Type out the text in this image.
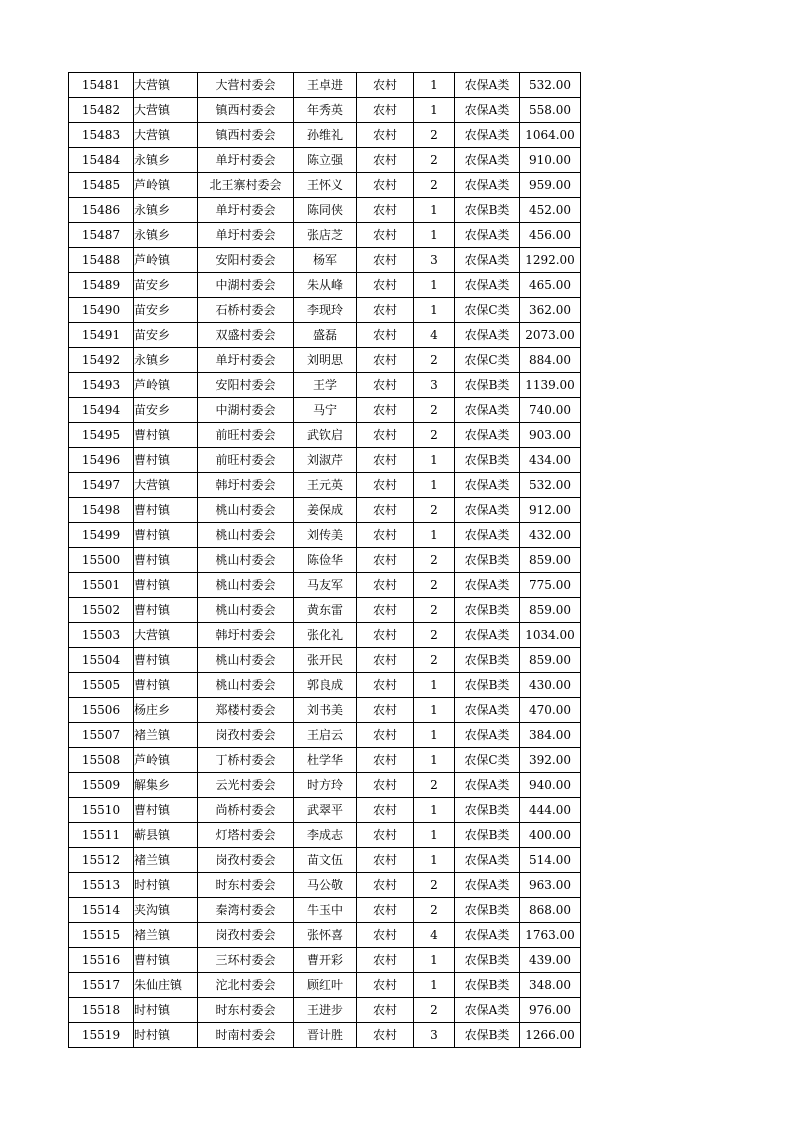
15481	大营镇	大营村委会	王卓进	农村	1	农保A类	532.00
15482	大营镇	镇西村委会	年秀英	农村	1	农保A类	558.00
15483	大营镇	镇西村委会	孙维礼	农村	2	农保A类	1064.00
15484	永镇乡	单圩村委会	陈立强	农村	2	农保A类	910.00
15485	芦岭镇	北王寨村委会	王怀义	农村	2	农保A类	959.00
15486	永镇乡	单圩村委会	陈同侠	农村	1	农保B类	452.00
15487	永镇乡	单圩村委会	张店芝	农村	1	农保A类	456.00
15488	芦岭镇	安阳村委会	杨军	农村	3	农保A类	1292.00
15489	苗安乡	中湖村委会	朱从峰	农村	1	农保A类	465.00
15490	苗安乡	石桥村委会	李现玲	农村	1	农保C类	362.00
15491	苗安乡	双盛村委会	盛磊	农村	4	农保A类	2073.00
15492	永镇乡	单圩村委会	刘明思	农村	2	农保C类	884.00
15493	芦岭镇	安阳村委会	王学	农村	3	农保B类	1139.00
15494	苗安乡	中湖村委会	马宁	农村	2	农保A类	740.00
15495	曹村镇	前旺村委会	武钦启	农村	2	农保A类	903.00
15496	曹村镇	前旺村委会	刘淑芹	农村	1	农保B类	434.00
15497	大营镇	韩圩村委会	王元英	农村	1	农保A类	532.00
15498	曹村镇	桃山村委会	姜保成	农村	2	农保A类	912.00
15499	曹村镇	桃山村委会	刘传美	农村	1	农保A类	432.00
15500	曹村镇	桃山村委会	陈俭华	农村	2	农保B类	859.00
15501	曹村镇	桃山村委会	马友军	农村	2	农保A类	775.00
15502	曹村镇	桃山村委会	黄东雷	农村	2	农保B类	859.00
15503	大营镇	韩圩村委会	张化礼	农村	2	农保A类	1034.00
15504	曹村镇	桃山村委会	张开民	农村	2	农保B类	859.00
15505	曹村镇	桃山村委会	郭良成	农村	1	农保B类	430.00
15506	杨庄乡	郑楼村委会	刘书美	农村	1	农保A类	470.00
15507	褚兰镇	岗孜村委会	王启云	农村	1	农保A类	384.00
15508	芦岭镇	丁桥村委会	杜学华	农村	1	农保C类	392.00
15509	解集乡	云光村委会	时方玲	农村	2	农保A类	940.00
15510	曹村镇	尚桥村委会	武翠平	农村	1	农保B类	444.00
15511	蕲县镇	灯塔村委会	李成志	农村	1	农保B类	400.00
15512	褚兰镇	岗孜村委会	苗文伍	农村	1	农保A类	514.00
15513	时村镇	时东村委会	马公敬	农村	2	农保A类	963.00
15514	夹沟镇	秦湾村委会	牛玉中	农村	2	农保B类	868.00
15515	褚兰镇	岗孜村委会	张怀喜	农村	4	农保A类	1763.00
15516	曹村镇	三环村委会	曹开彩	农村	1	农保B类	439.00
15517	朱仙庄镇	沱北村委会	顾红叶	农村	1	农保B类	348.00
15518	时村镇	时东村委会	王进步	农村	2	农保A类	976.00
15519	时村镇	时南村委会	晋计胜	农村	3	农保B类	1266.00
